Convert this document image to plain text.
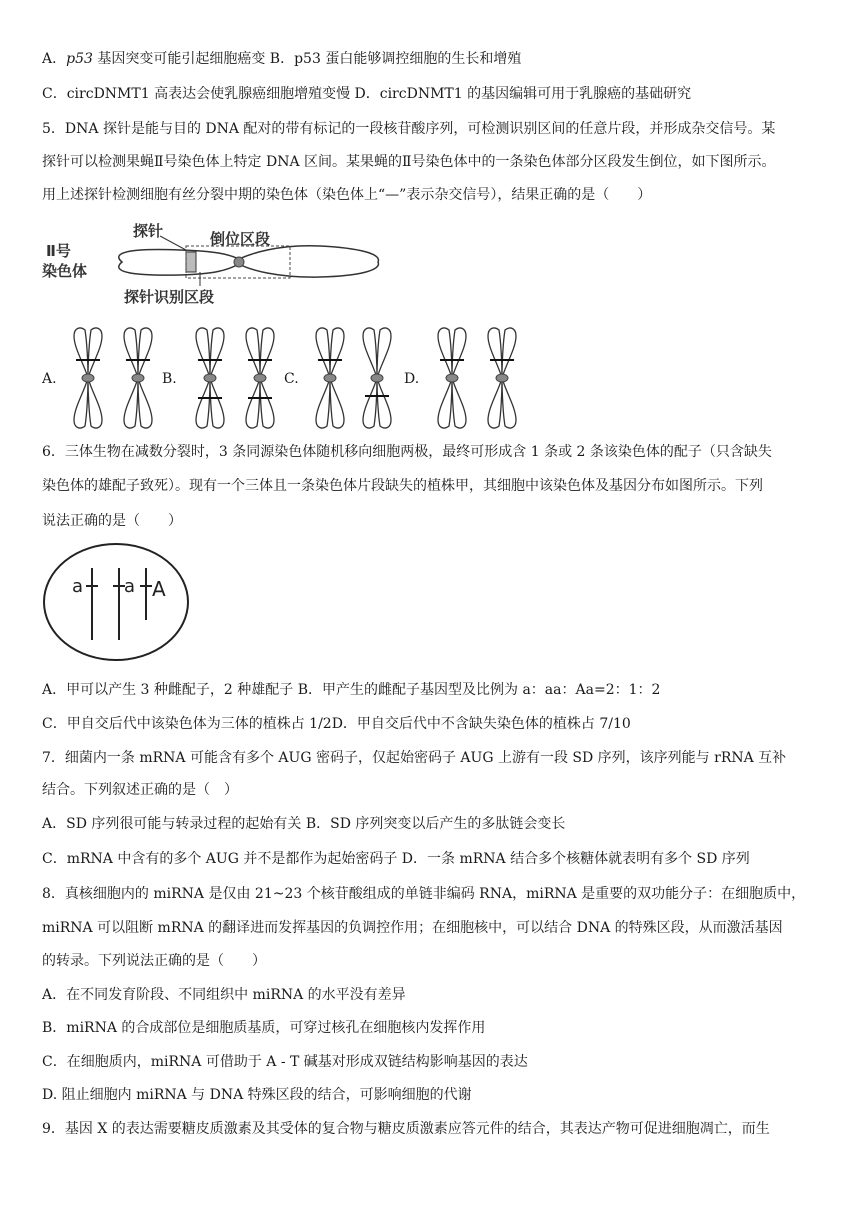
A．p53 基因突变可能引起细胞癌变 B．p53 蛋白能够调控细胞的生长和增殖
C．circDNMT1 高表达会使乳腺癌细胞增殖变慢 D．circDNMT1 的基因编辑可用于乳腺癌的基础研究
5．DNA 探针是能与目的 DNA 配对的带有标记的一段核苷酸序列，可检测识别区间的任意片段，并形成杂交信号。某
探针可以检测果蝇Ⅱ号染色体上特定 DNA 区间。某果蝇的Ⅱ号染色体中的一条染色体部分区段发生倒位，如下图所示。
用上述探针检测细胞有丝分裂中期的染色体（染色体上“—”表示杂交信号），结果正确的是（　　）
Ⅱ号
染色体
探针	倒位区段
探针识别区段
A.	B.	C.	D.
6．三体生物在减数分裂时，3 条同源染色体随机移向细胞两极，最终可形成含 1 条或 2 条该染色体的配子（只含缺失
染色体的雄配子致死）。现有一个三体且一条染色体片段缺失的植株甲，其细胞中该染色体及基因分布如图所示。下列
说法正确的是（　　）
a a A
A．甲可以产生 3 种雌配子，2 种雄配子 B．甲产生的雌配子基因型及比例为 a：aa：Aa=2：1：2
C．甲自交后代中该染色体为三体的植株占 1/2D．甲自交后代中不含缺失染色体的植株占 7/10
7．细菌内一条 mRNA 可能含有多个 AUG 密码子，仅起始密码子 AUG 上游有一段 SD 序列，该序列能与 rRNA 互补
结合。下列叙述正确的是（　）
A．SD 序列很可能与转录过程的起始有关 B．SD 序列突变以后产生的多肽链会变长
C．mRNA 中含有的多个 AUG 并不是都作为起始密码子 D．一条 mRNA 结合多个核糖体就表明有多个 SD 序列
8．真核细胞内的 miRNA 是仅由 21~23 个核苷酸组成的单链非编码 RNA，miRNA 是重要的双功能分子：在细胞质中，
miRNA 可以阻断 mRNA 的翻译进而发挥基因的负调控作用；在细胞核中，可以结合 DNA 的特殊区段，从而激活基因
的转录。下列说法正确的是（　　）
A．在不同发育阶段、不同组织中 miRNA 的水平没有差异
B．miRNA 的合成部位是细胞质基质，可穿过核孔在细胞核内发挥作用
C．在细胞质内，miRNA 可借助于 A - T 碱基对形成双链结构影响基因的表达
D. 阻止细胞内 miRNA 与 DNA 特殊区段的结合，可影响细胞的代谢
9．基因 X 的表达需要糖皮质激素及其受体的复合物与糖皮质激素应答元件的结合，其表达产物可促进细胞凋亡，而生
